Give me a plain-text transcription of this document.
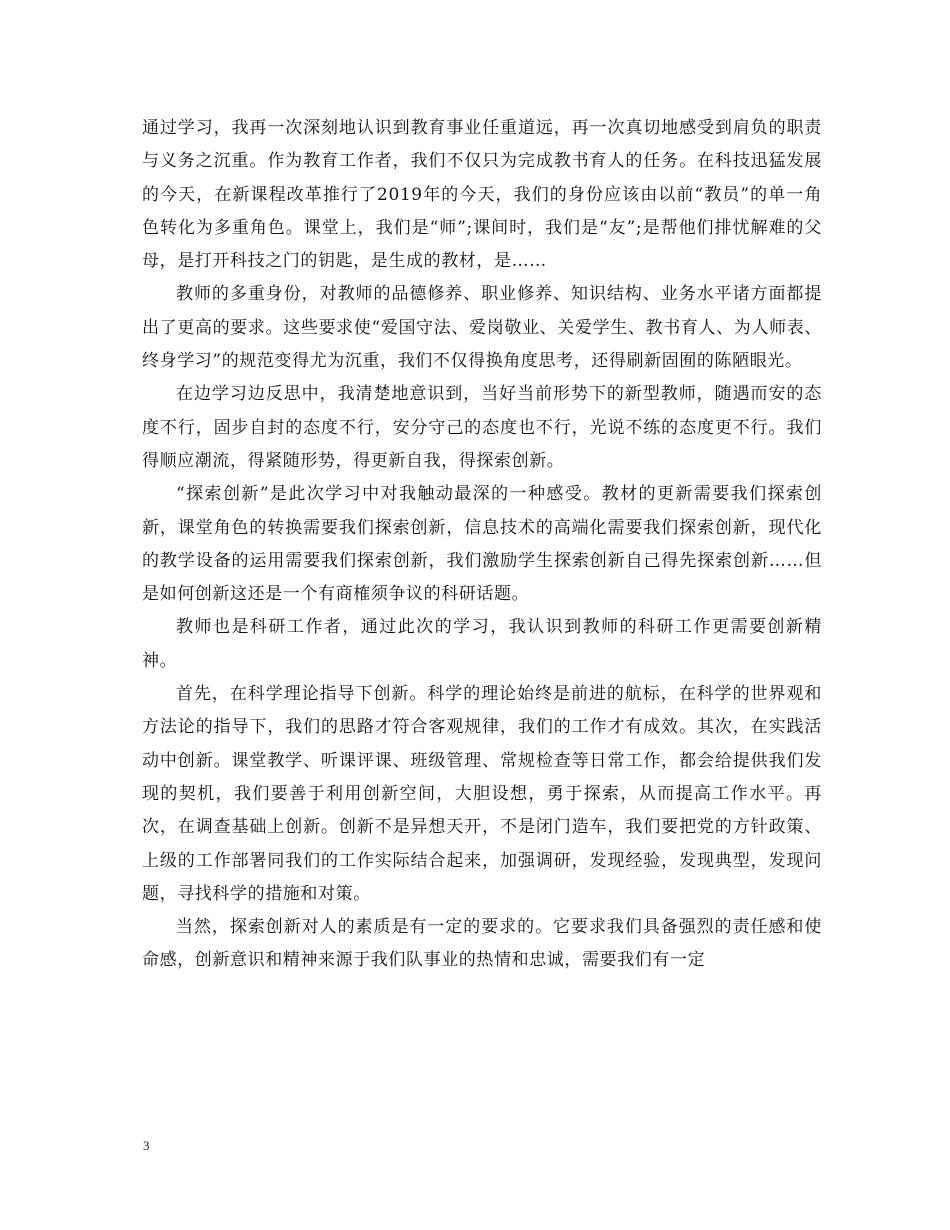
通过学习，我再一次深刻地认识到教育事业任重道远，再一次真切地感受到肩负的职责与义务之沉重。作为教育工作者，我们不仅只为完成教书育人的任务。在科技迅猛发展的今天，在新课程改革推行了2019年的今天，我们的身份应该由以前“教员”的单一角色转化为多重角色。课堂上，我们是“师”;课间时，我们是“友”;是帮他们排忧解难的父母，是打开科技之门的钥匙，是生成的教材，是……

教师的多重身份，对教师的品德修养、职业修养、知识结构、业务水平诸方面都提出了更高的要求。这些要求使“爱国守法、爱岗敬业、关爱学生、教书育人、为人师表、终身学习”的规范变得尤为沉重，我们不仅得换角度思考，还得刷新固囿的陈陋眼光。

在边学习边反思中，我清楚地意识到，当好当前形势下的新型教师，随遇而安的态度不行，固步自封的态度不行，安分守己的态度也不行，光说不练的态度更不行。我们得顺应潮流，得紧随形势，得更新自我，得探索创新。

“探索创新”是此次学习中对我触动最深的一种感受。教材的更新需要我们探索创新，课堂角色的转换需要我们探索创新，信息技术的高端化需要我们探索创新，现代化的教学设备的运用需要我们探索创新，我们激励学生探索创新自己得先探索创新……但是如何创新这还是一个有商榷须争议的科研话题。

教师也是科研工作者，通过此次的学习，我认识到教师的科研工作更需要创新精神。

首先，在科学理论指导下创新。科学的理论始终是前进的航标，在科学的世界观和方法论的指导下，我们的思路才符合客观规律，我们的工作才有成效。其次，在实践活动中创新。课堂教学、听课评课、班级管理、常规检查等日常工作，都会给提供我们发现的契机，我们要善于利用创新空间，大胆设想，勇于探索，从而提高工作水平。再次，在调查基础上创新。创新不是异想天开，不是闭门造车，我们要把党的方针政策、上级的工作部署同我们的工作实际结合起来，加强调研，发现经验，发现典型，发现问题，寻找科学的措施和对策。

当然，探索创新对人的素质是有一定的要求的。它要求我们具备强烈的责任感和使命感，创新意识和精神来源于我们队事业的热情和忠诚，需要我们有一定

3
